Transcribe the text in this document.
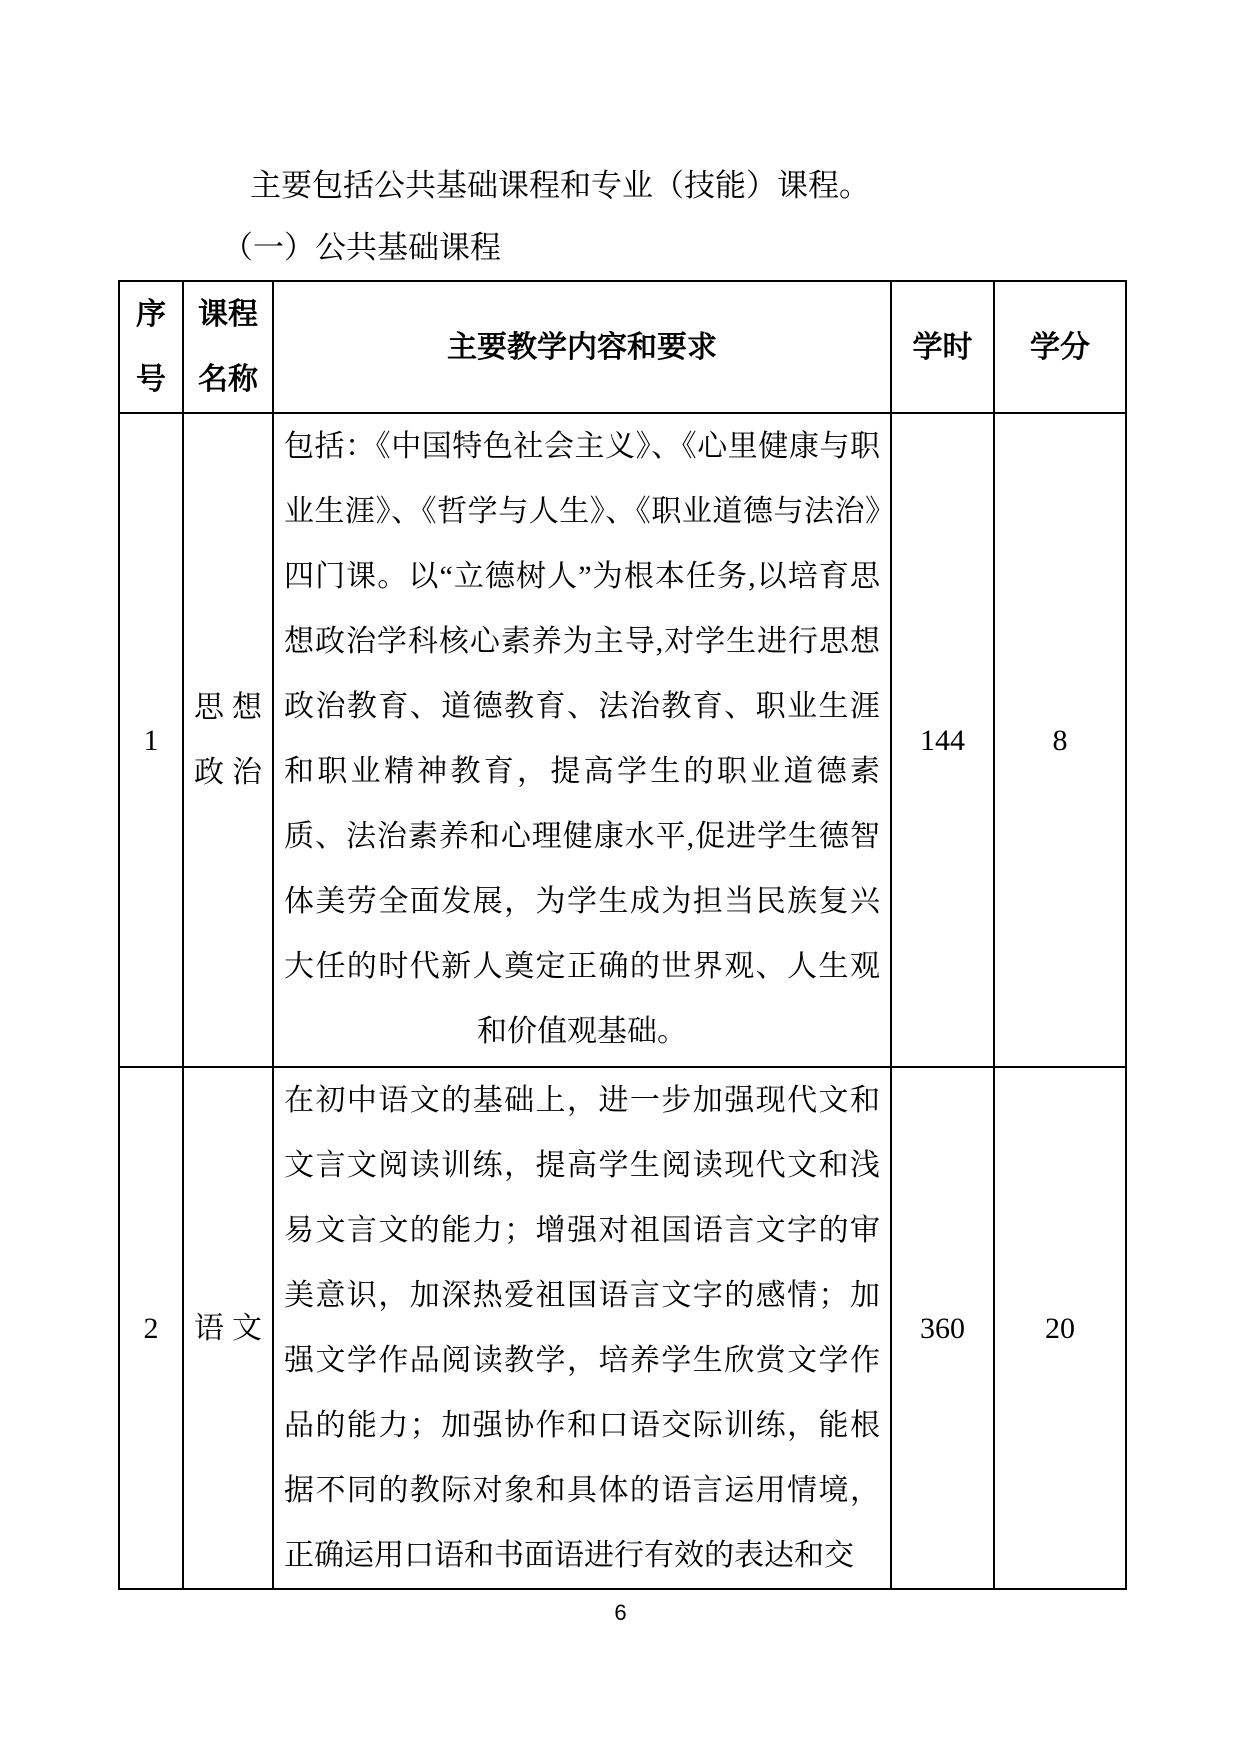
主要包括公共基础课程和专业（技能）课程。
（一）公共基础课程
序号	课程名称	主要教学内容和要求	学时	学分
1	思想政治	包括：《中国特色社会主义》、《心里健康与职业生涯》、《哲学与人生》、《职业道德与法治》四门课。以“立德树人”为根本任务,以培育思想政治学科核心素养为主导,对学生进行思想政治教育、道德教育、法治教育、职业生涯和职业精神教育，提高学生的职业道德素质、法治素养和心理健康水平,促进学生德智体美劳全面发展，为学生成为担当民族复兴大任的时代新人奠定正确的世界观、人生观和价值观基础。	144	8
2	语文	在初中语文的基础上，进一步加强现代文和文言文阅读训练，提高学生阅读现代文和浅易文言文的能力；增强对祖国语言文字的审美意识，加深热爱祖国语言文字的感情；加强文学作品阅读教学，培养学生欣赏文学作品的能力；加强协作和口语交际训练，能根据不同的教际对象和具体的语言运用情境，正确运用口语和书面语进行有效的表达和交	360	20
6
